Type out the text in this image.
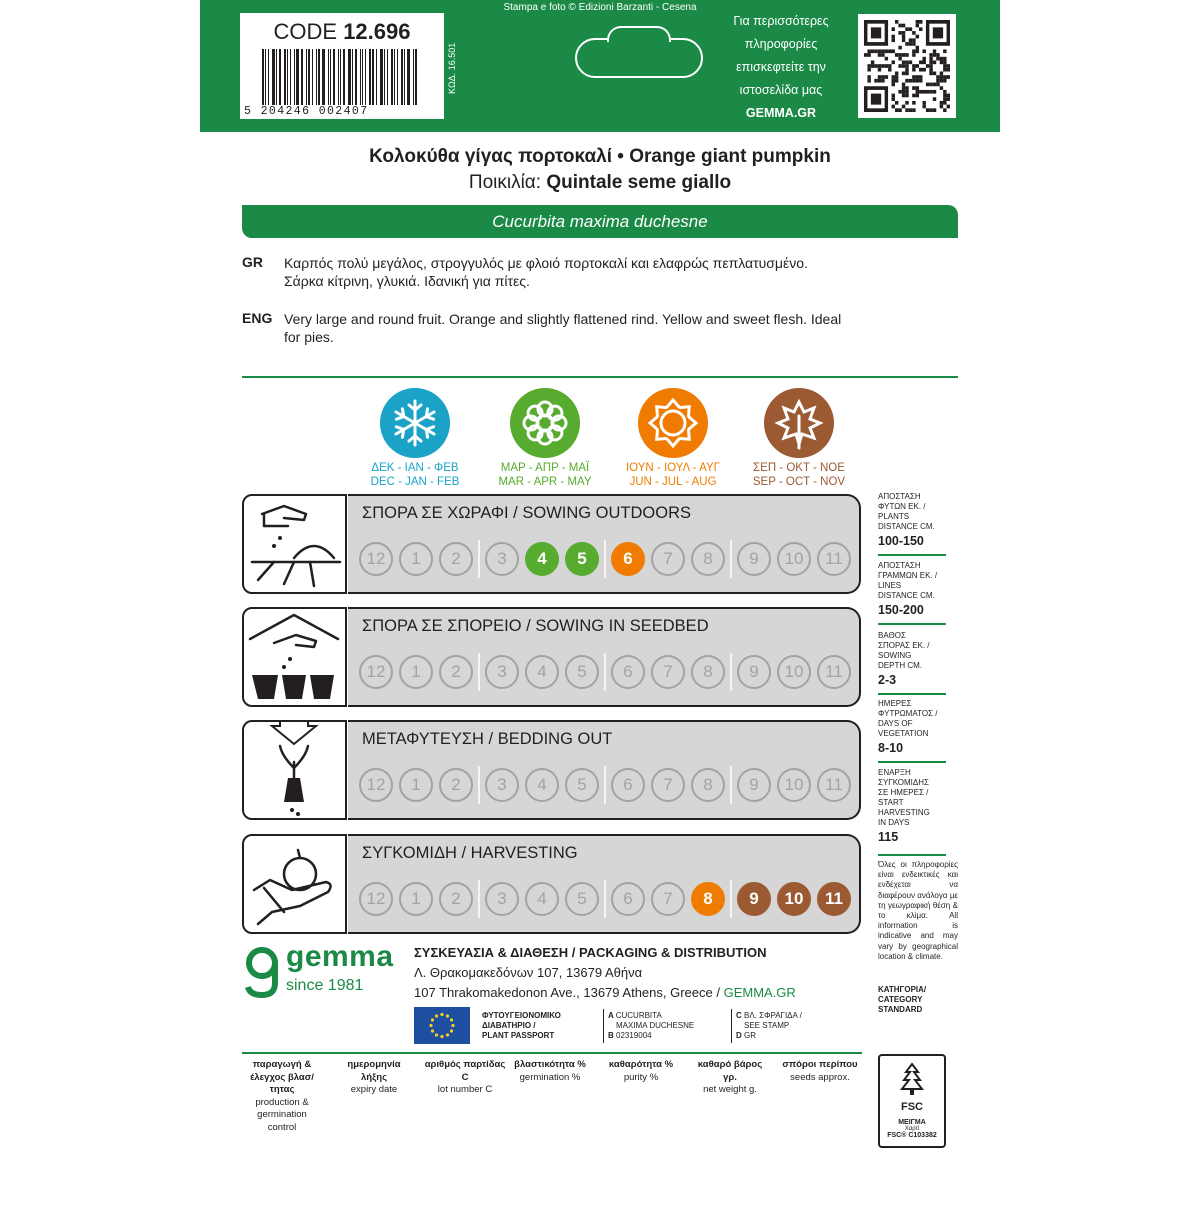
CODE 12.696
5 204246 002407
ΚΩΔ. 16.501
Stampa e foto © Edizioni Barzanti - Cesena
Για περισσότερες
πληροφορίες
επισκεφτείτε την
ιστοσελίδα μας
GEMMA.GR
Κολοκύθα γίγας πορτοκαλί • Orange giant pumpkin
Ποικιλία: Quintale seme giallo
Cucurbita maxima duchesne
GR Καρπός πολύ μεγάλος, στρογγυλός με φλοιό πορτοκαλί και ελαφρώς πεπλατυσμένο.
Σάρκα κίτρινη, γλυκιά. Ιδανική για πίτες.
ENG Very large and round fruit. Orange and slightly flattened rind. Yellow and sweet flesh. Ideal
for pies.
ΔΕΚ - ΙΑΝ - ΦΕΒ
DEC - JAN - FEB
ΜΑΡ - ΑΠΡ - ΜΑΪ
MAR - APR - MAY
ΙΟΥΝ - ΙΟΥΛ - ΑΥΓ
JUN - JUL - AUG
ΣΕΠ - ΟΚΤ - ΝΟΕ
SEP - OCT - NOV
ΣΠΟΡΑ ΣΕ ΧΩΡΑΦΙ / SOWING OUTDOORS
12	1	2	3	4	5	6	7	8	9	10	11
ΣΠΟΡΑ ΣΕ ΣΠΟΡΕΙΟ / SOWING IN SEEDBED
12	1	2	3	4	5	6	7	8	9	10	11
ΜΕΤΑΦΥΤΕΥΣΗ / BEDDING OUT
12	1	2	3	4	5	6	7	8	9	10	11
ΣΥΓΚΟΜΙΔΗ / HARVESTING
12	1	2	3	4	5	6	7	8	9	10	11
ΑΠΟΣΤΑΣΗ
ΦΥΤΩΝ ΕΚ. /
PLANTS
DISTANCE CM.
100-150
ΑΠΟΣΤΑΣΗ
ΓΡΑΜΜΩΝ ΕΚ. /
LINES
DISTANCE CM.
150-200
ΒΑΘΟΣ
ΣΠΟΡΑΣ ΕΚ. /
SOWING
DEPTH CM.
2-3
ΗΜΕΡΕΣ
ΦΥΤΡΩΜΑΤΟΣ /
DAYS OF
VEGETATION
8-10
ΕΝΑΡΞΗ
ΣΥΓΚΟΜΙΔΗΣ
ΣΕ ΗΜΕΡΕΣ /
START
HARVESTING
IN DAYS
115
Όλες οι πληροφορίες είναι ενδεικτικές και ενδέχεται να διαφέρουν ανάλογα με τη γεωγραφική θέση & το κλίμα. All information is indicative and may vary by geographical location & climate.
ΚΑΤΗΓΟΡΙΑ/
CATEGORY
STANDARD
gemma
since 1981
ΣΥΣΚΕΥΑΣΙΑ & ΔΙΑΘΕΣΗ / PACKAGING & DISTRIBUTION
Λ. Θρακομακεδόνων 107, 13679 Αθήνα
107 Thrakomakedonon Ave., 13679 Athens, Greece / GEMMA.GR
ΦΥΤΟΥΓΕΙΟΝΟΜΙΚΟ
ΔΙΑΒΑΤΗΡΙΟ /
PLANT PASSPORT
A CUCURBITA
MAXIMA DUCHESNE
B 02319004
C ΒΛ. ΣΦΡΑΓΙΔΑ /
SEE STAMP
D GR
παραγωγή & έλεγχος βλασ/τητας
production & germination control
ημερομηνία λήξης
expiry date
αριθμός παρτίδας C
lot number C
βλαστικότητα %
germination %
καθαρότητα %
purity %
καθαρό βάρος γρ.
net weight g.
σπόροι περίπου
seeds approx.
FSC
ΜΕΙΓΜΑ
Χαρτί
FSC® C103382
